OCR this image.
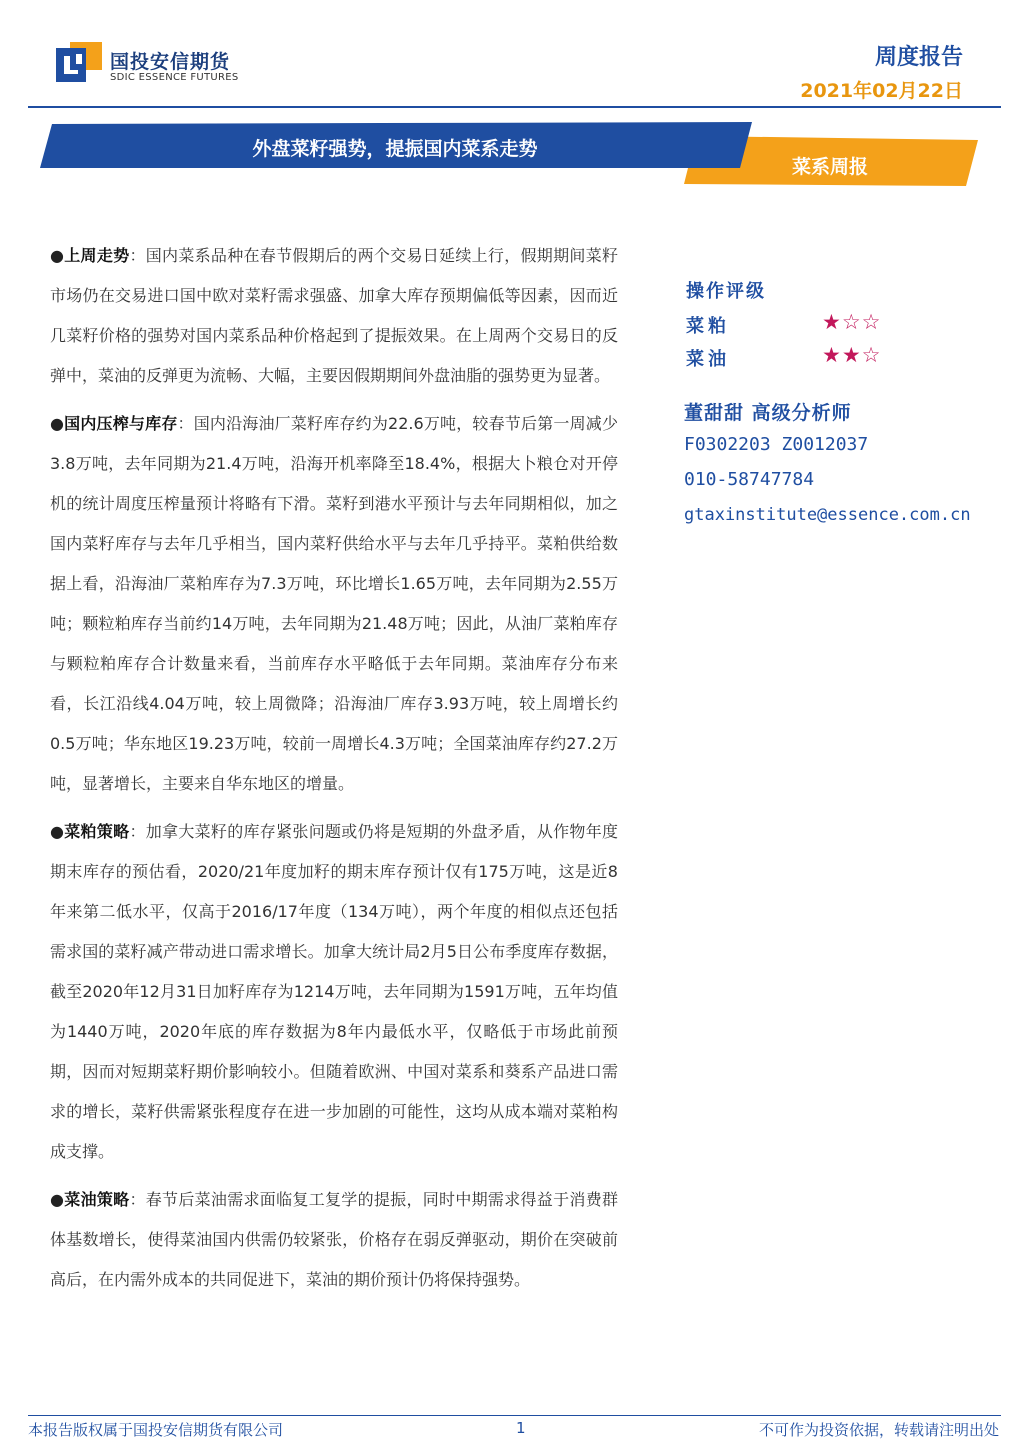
国投安信期货
SDIC ESSENCE FUTURES
周度报告
2021年02月22日
外盘菜籽强势，提振国内菜系走势
菜系周报

●上周走势：国内菜系品种在春节假期后的两个交易日延续上行，假期期间菜籽市场仍在交易进口国中欧对菜籽需求强盛、加拿大库存预期偏低等因素，因而近几菜籽价格的强势对国内菜系品种价格起到了提振效果。在上周两个交易日的反弹中，菜油的反弹更为流畅、大幅，主要因假期期间外盘油脂的强势更为显著。

●国内压榨与库存：国内沿海油厂菜籽库存约为22.6万吨，较春节后第一周减少3.8万吨，去年同期为21.4万吨，沿海开机率降至18.4%，根据大卜粮仓对开停机的统计周度压榨量预计将略有下滑。菜籽到港水平预计与去年同期相似，加之国内菜籽库存与去年几乎相当，国内菜籽供给水平与去年几乎持平。菜粕供给数据上看，沿海油厂菜粕库存为7.3万吨，环比增长1.65万吨，去年同期为2.55万吨；颗粒粕库存当前约14万吨，去年同期为21.48万吨；因此，从油厂菜粕库存与颗粒粕库存合计数量来看，当前库存水平略低于去年同期。菜油库存分布来看，长江沿线4.04万吨，较上周微降；沿海油厂库存3.93万吨，较上周增长约0.5万吨；华东地区19.23万吨，较前一周增长4.3万吨；全国菜油库存约27.2万吨，显著增长，主要来自华东地区的增量。

●菜粕策略：加拿大菜籽的库存紧张问题或仍将是短期的外盘矛盾，从作物年度期末库存的预估看，2020/21年度加籽的期末库存预计仅有175万吨，这是近8年来第二低水平，仅高于2016/17年度（134万吨），两个年度的相似点还包括需求国的菜籽减产带动进口需求增长。加拿大统计局2月5日公布季度库存数据，截至2020年12月31日加籽库存为1214万吨，去年同期为1591万吨，五年均值为1440万吨，2020年底的库存数据为8年内最低水平，仅略低于市场此前预期，因而对短期菜籽期价影响较小。但随着欧洲、中国对菜系和葵系产品进口需求的增长，菜籽供需紧张程度存在进一步加剧的可能性，这均从成本端对菜粕构成支撑。

●菜油策略：春节后菜油需求面临复工复学的提振，同时中期需求得益于消费群体基数增长，使得菜油国内供需仍较紧张，价格存在弱反弹驱动，期价在突破前高后，在内需外成本的共同促进下，菜油的期价预计仍将保持强势。

操作评级
菜粕	★☆☆
菜油	★★☆
董甜甜 高级分析师
F0302203 Z0012037
010-58747784
gtaxinstitute@essence.com.cn
本报告版权属于国投安信期货有限公司	1	不可作为投资依据，转载请注明出处
